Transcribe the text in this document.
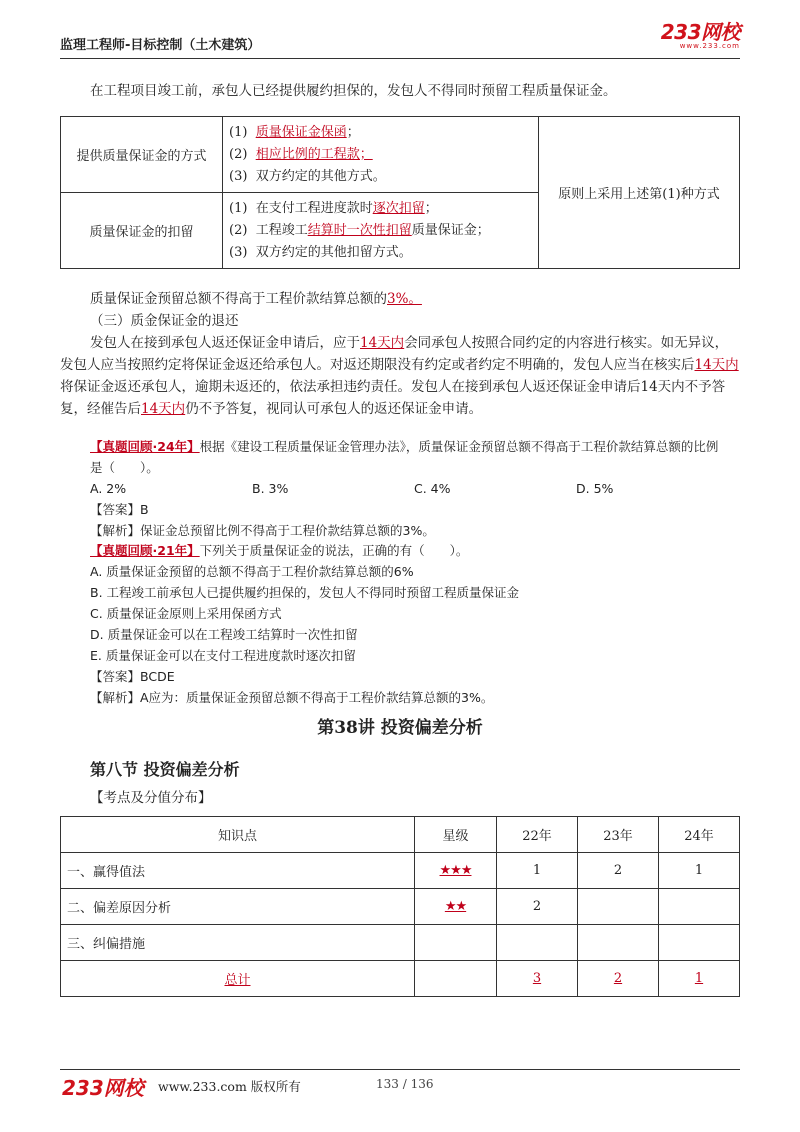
监理工程师-目标控制（土木建筑）
233网校
www.233.com
在工程项目竣工前，承包人已经提供履约担保的，发包人不得同时预留工程质量保证金。
提供质量保证金的方式	(1) 质量保证金保函；
(2) 相应比例的工程款；
(3) 双方约定的其他方式。	原则上采用上述第(1)种方式
质量保证金的扣留	(1) 在支付工程进度款时逐次扣留；
(2) 工程竣工结算时一次性扣留质量保证金；
(3) 双方约定的其他扣留方式。	
质量保证金预留总额不得高于工程价款结算总额的3%。
（三）质金保证金的退还
发包人在接到承包人返还保证金申请后，应于14天内会同承包人按照合同约定的内容进行核实。如无异议，发包人应当按照约定将保证金返还给承包人。对返还期限没有约定或者约定不明确的，发包人应当在核实后14天内将保证金返还承包人，逾期未返还的，依法承担违约责任。发包人在接到承包人返还保证金申请后14天内不予答复，经催告后14天内仍不予答复，视同认可承包人的返还保证金申请。
【真题回顾·24年】根据《建设工程质量保证金管理办法》，质量保证金预留总额不得高于工程价款结算总额的比例是（　　）。
A. 2%	B. 3%	C. 4%	D. 5%
【答案】B
【解析】保证金总预留比例不得高于工程价款结算总额的3%。
【真题回顾·21年】下列关于质量保证金的说法，正确的有（　　）。
A. 质量保证金预留的总额不得高于工程价款结算总额的6%
B. 工程竣工前承包人已提供履约担保的，发包人不得同时预留工程质量保证金
C. 质量保证金原则上采用保函方式
D. 质量保证金可以在工程竣工结算时一次性扣留
E. 质量保证金可以在支付工程进度款时逐次扣留
【答案】BCDE
【解析】A应为：质量保证金预留总额不得高于工程价款结算总额的3%。
第38讲 投资偏差分析
第八节 投资偏差分析
【考点及分值分布】
知识点	星级	22年	23年	24年
一、赢得值法	★★★	1	2	1
二、偏差原因分析	★★	2		
三、纠偏措施				
总计		3	2	1
233网校 www.233.com 版权所有	133 / 136
